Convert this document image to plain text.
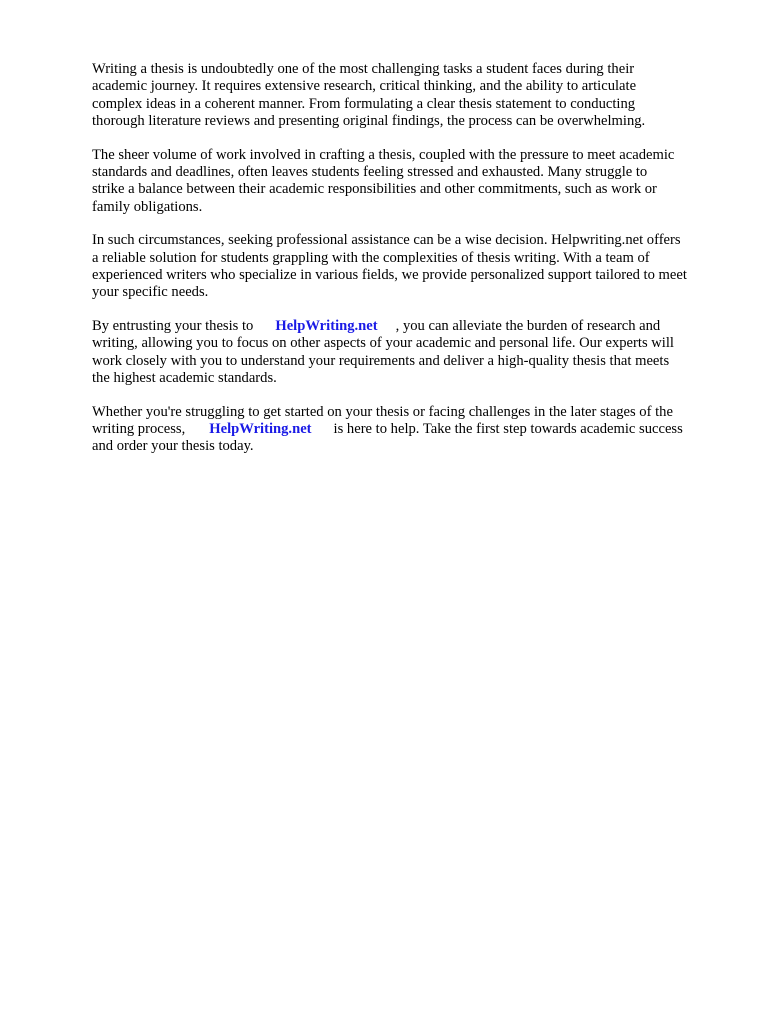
Writing a thesis is undoubtedly one of the most challenging tasks a student faces during their
academic journey. It requires extensive research, critical thinking, and the ability to articulate
complex ideas in a coherent manner. From formulating a clear thesis statement to conducting
thorough literature reviews and presenting original findings, the process can be overwhelming.

The sheer volume of work involved in crafting a thesis, coupled with the pressure to meet academic
standards and deadlines, often leaves students feeling stressed and exhausted. Many struggle to
strike a balance between their academic responsibilities and other commitments, such as work or
family obligations.

In such circumstances, seeking professional assistance can be a wise decision. Helpwriting.net offers
a reliable solution for students grappling with the complexities of thesis writing. With a team of
experienced writers who specialize in various fields, we provide personalized support tailored to meet
your specific needs.

By entrusting your thesis to HelpWriting.net , you can alleviate the burden of research and
writing, allowing you to focus on other aspects of your academic and personal life. Our experts will
work closely with you to understand your requirements and deliver a high-quality thesis that meets
the highest academic standards.

Whether you're struggling to get started on your thesis or facing challenges in the later stages of the
writing process, HelpWriting.net is here to help. Take the first step towards academic success
and order your thesis today.
